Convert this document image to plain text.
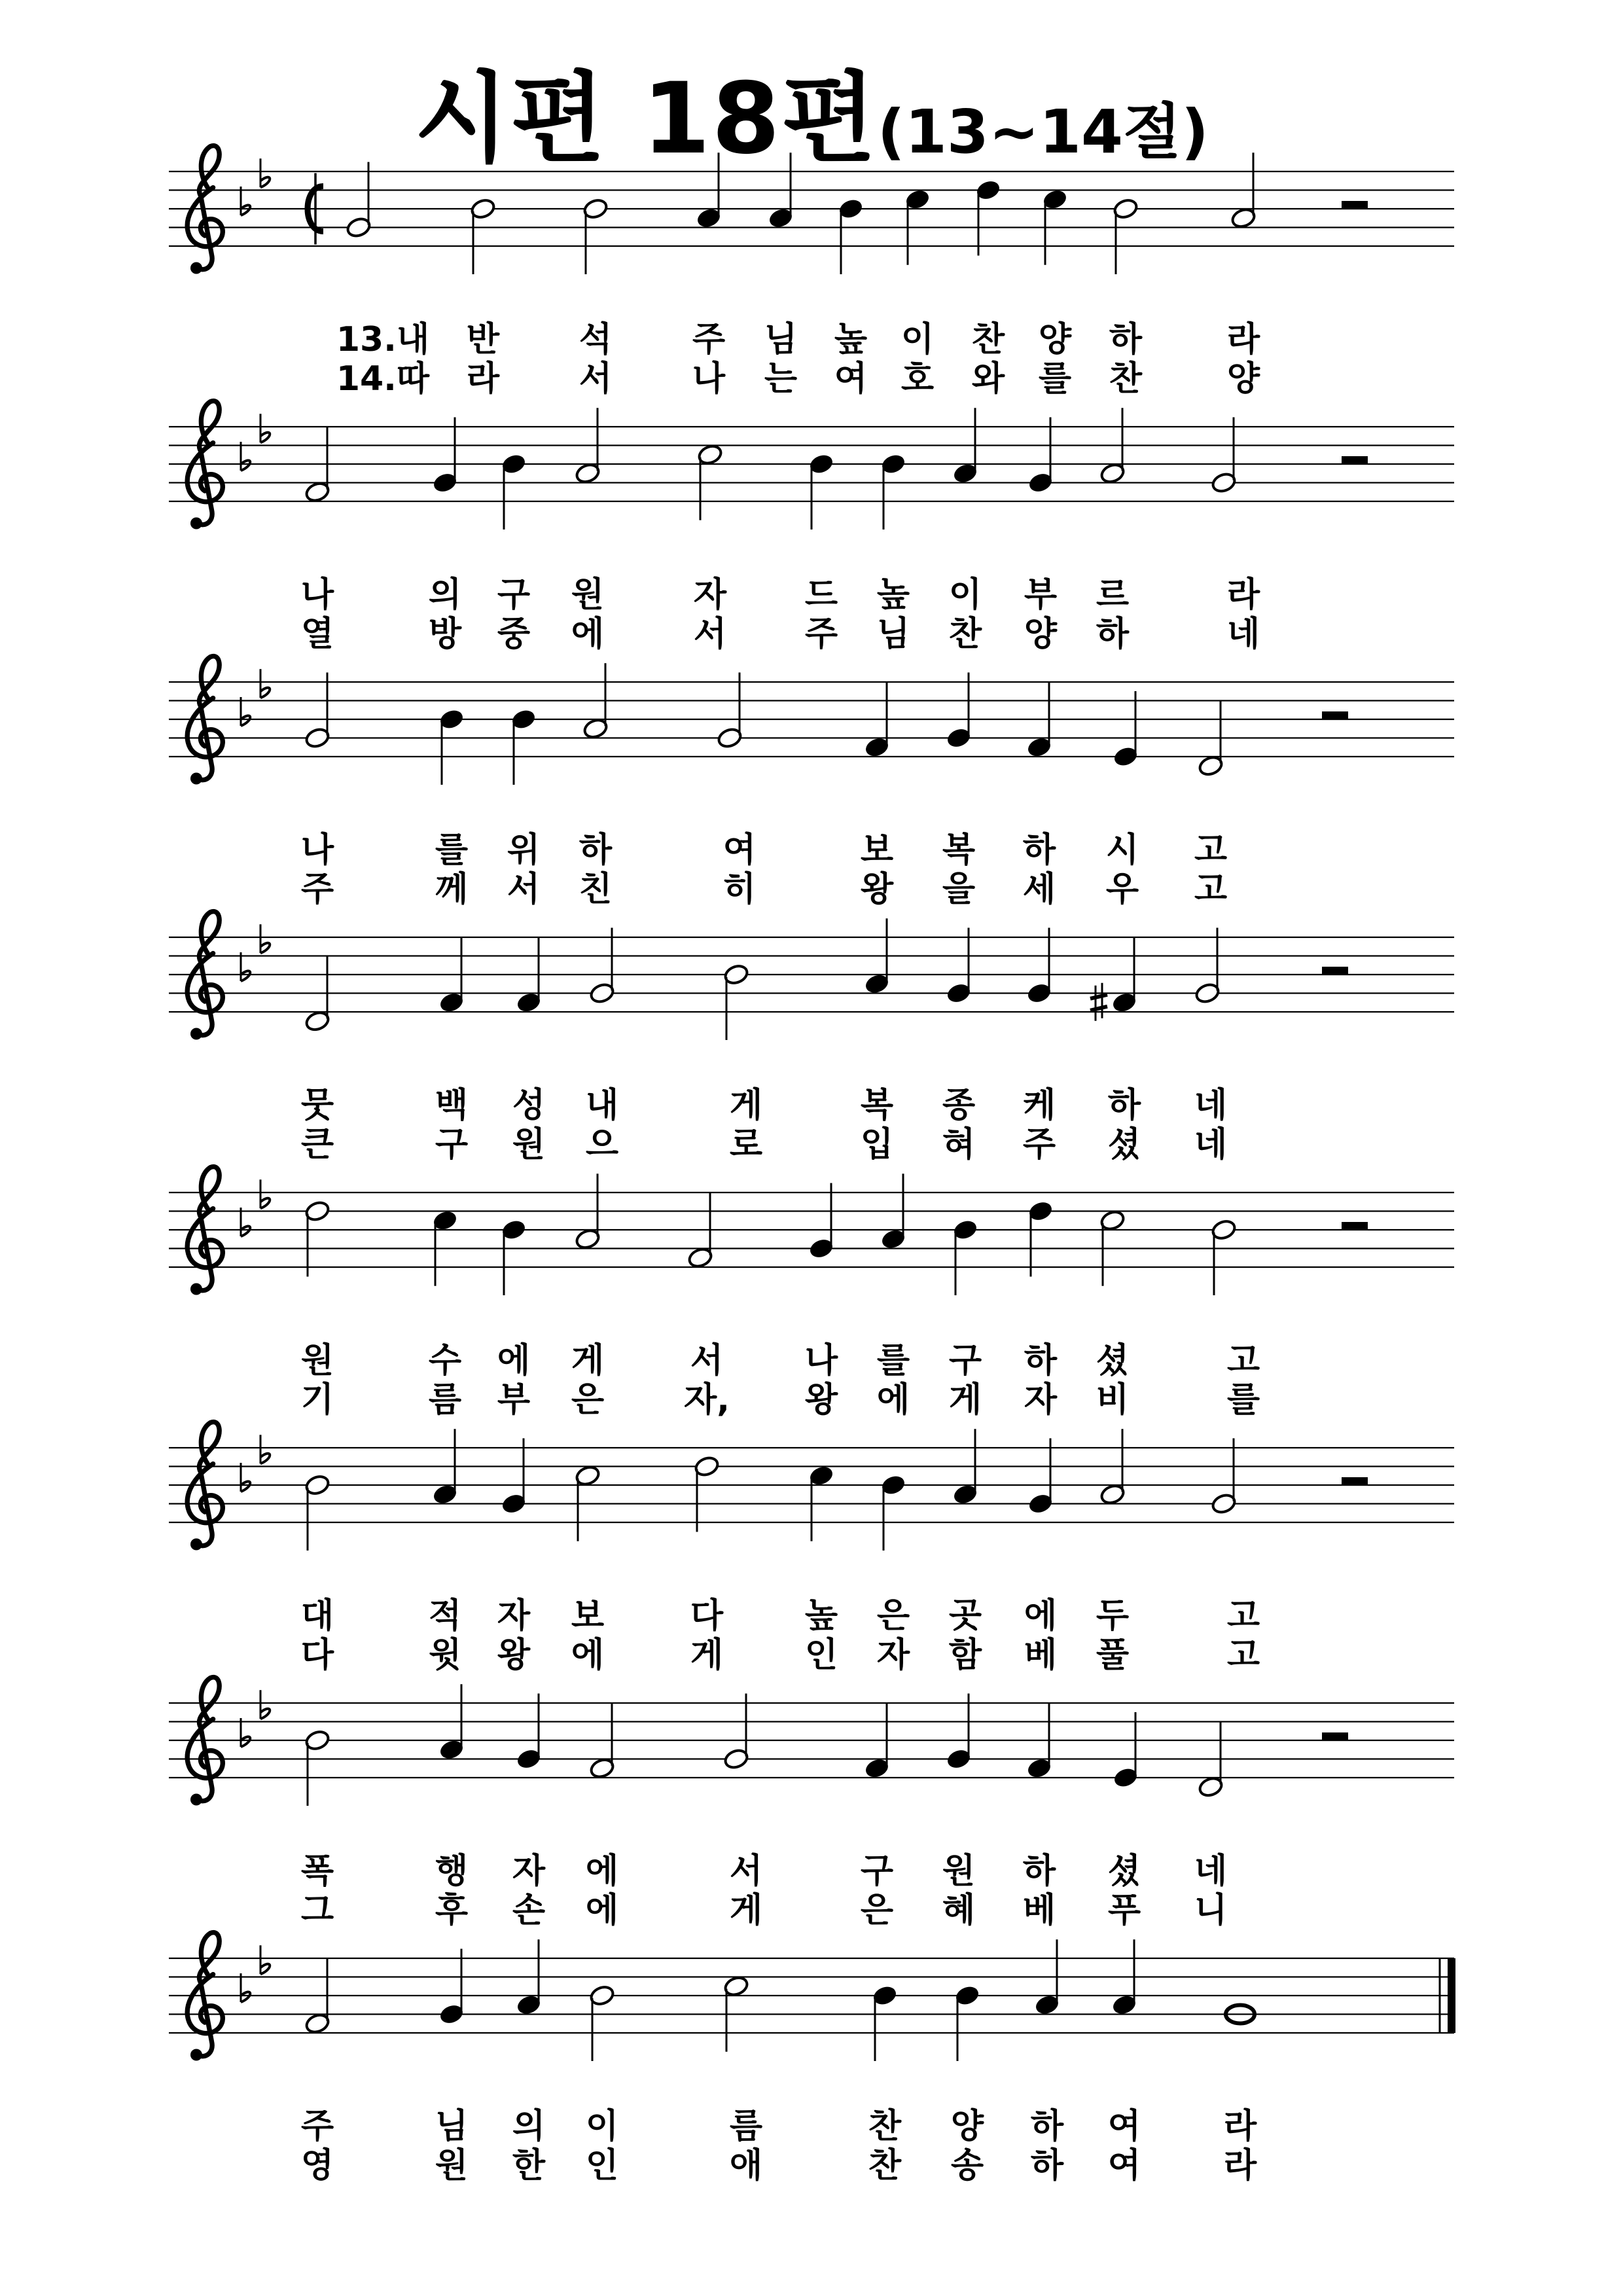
시편 18편(13~14절)
13.내 반 석 주 님 높 이 찬 양 하 라
14.따 라 서 나 는 여 호 와 를 찬 양
나	의 구 원	자 드 높 이 부 르	라
열	방 중 에	서 주 님 찬 양 하	네
나	를 위 하	여	보 복 하 시 고
주	께 서 친	히	왕 을 세 우 고
뭇	백 성 내	게	복 종 케 하 네
큰	구 원 으	로	입 혀 주 셨 네
원	수 에 게	서 나 를 구 하 셨	고
기	름 부 은 자, 왕 에 게 자 비	를
대	적 자 보	다 높 은 곳 에 두	고
다	윗 왕 에	게 인 자 함 베 풀	고
폭	행 자 에	서	구 원 하 셨 네
그	후 손 에	게	은 혜 베 푸 니
주	님 의 이	름	찬 양 하 여 라
영	원 한 인	애	찬 송 하 여 라
